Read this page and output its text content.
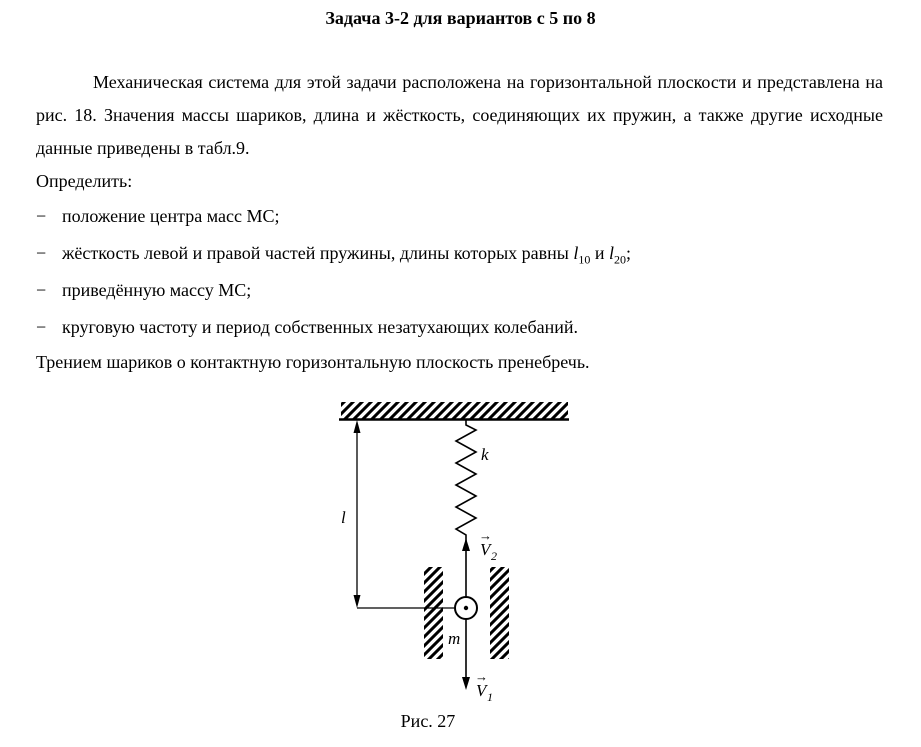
Задача 3-2 для вариантов с 5 по 8

Механическая система для этой задачи расположена на горизонтальной плоскости и представлена на рис. 18. Значения массы шариков, длина и жёсткость, соединяющих их пружин, а также другие исходные данные приведены в табл.9.

Определить:

− положение центра масс МС;
− жёсткость левой и правой частей пружины, длины которых равны $l_{10}$ и $l_{20}$;
− приведённую массу МС;
− круговую частоту и период собственных незатухающих колебаний.

Трением шариков о контактную горизонтальную плоскость пренебречь.

l
k
→
V 2
m
→
V 1
Рис. 27
